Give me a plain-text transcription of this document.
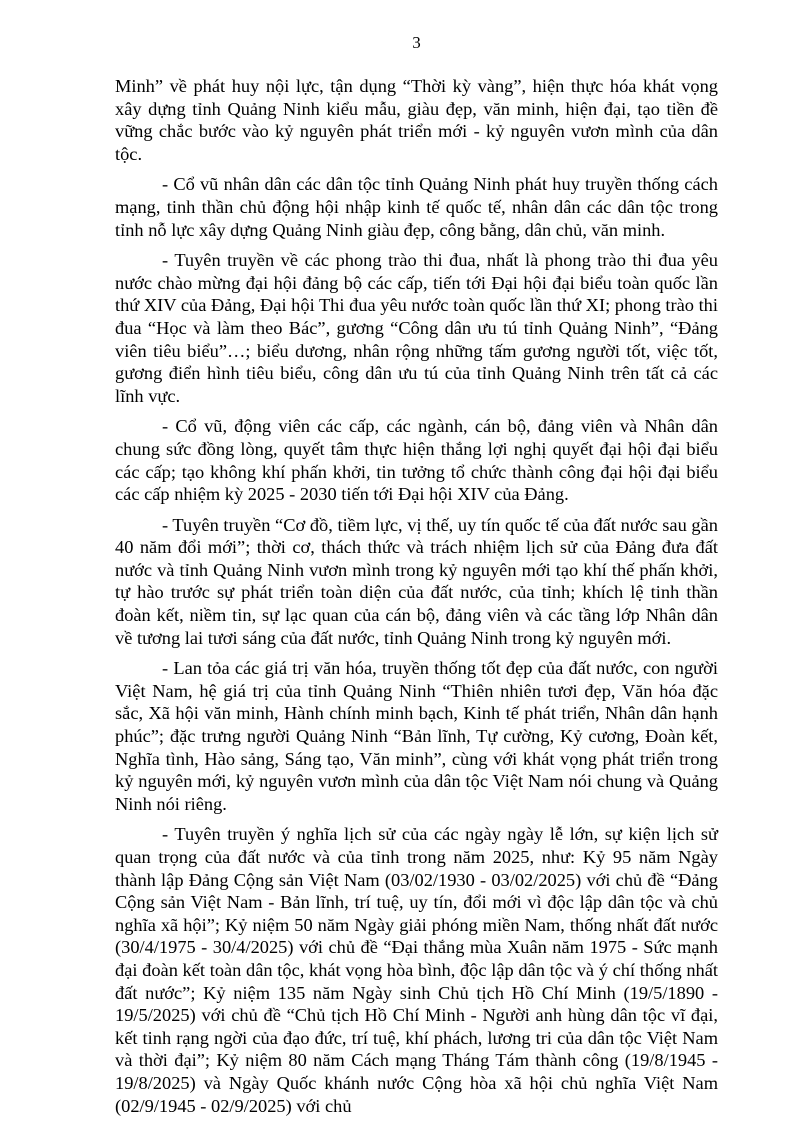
3

Minh” về phát huy nội lực, tận dụng “Thời kỳ vàng”, hiện thực hóa khát vọng xây dựng tỉnh Quảng Ninh kiểu mẫu, giàu đẹp, văn minh, hiện đại, tạo tiền đề vững chắc bước vào kỷ nguyên phát triển mới - kỷ nguyên vươn mình của dân tộc.

- Cổ vũ nhân dân các dân tộc tỉnh Quảng Ninh phát huy truyền thống cách mạng, tinh thần chủ động hội nhập kinh tế quốc tế, nhân dân các dân tộc trong tỉnh nỗ lực xây dựng Quảng Ninh giàu đẹp, công bằng, dân chủ, văn minh.

- Tuyên truyền về các phong trào thi đua, nhất là phong trào thi đua yêu nước chào mừng đại hội đảng bộ các cấp, tiến tới Đại hội đại biểu toàn quốc lần thứ XIV của Đảng, Đại hội Thi đua yêu nước toàn quốc lần thứ XI; phong trào thi đua “Học và làm theo Bác”, gương “Công dân ưu tú tỉnh Quảng Ninh”, “Đảng viên tiêu biểu”…; biểu dương, nhân rộng những tấm gương người tốt, việc tốt, gương điển hình tiêu biểu, công dân ưu tú của tỉnh Quảng Ninh trên tất cả các lĩnh vực.

- Cổ vũ, động viên các cấp, các ngành, cán bộ, đảng viên và Nhân dân chung sức đồng lòng, quyết tâm thực hiện thắng lợi nghị quyết đại hội đại biểu các cấp; tạo không khí phấn khởi, tin tưởng tổ chức thành công đại hội đại biểu các cấp nhiệm kỳ 2025 - 2030 tiến tới Đại hội XIV của Đảng.

- Tuyên truyền “Cơ đồ, tiềm lực, vị thế, uy tín quốc tế của đất nước sau gần 40 năm đổi mới”; thời cơ, thách thức và trách nhiệm lịch sử của Đảng đưa đất nước và tỉnh Quảng Ninh vươn mình trong kỷ nguyên mới tạo khí thế phấn khởi, tự hào trước sự phát triển toàn diện của đất nước, của tỉnh; khích lệ tinh thần đoàn kết, niềm tin, sự lạc quan của cán bộ, đảng viên và các tầng lớp Nhân dân về tương lai tươi sáng của đất nước, tỉnh Quảng Ninh trong kỷ nguyên mới.

- Lan tỏa các giá trị văn hóa, truyền thống tốt đẹp của đất nước, con người Việt Nam, hệ giá trị của tỉnh Quảng Ninh “Thiên nhiên tươi đẹp, Văn hóa đặc sắc, Xã hội văn minh, Hành chính minh bạch, Kinh tế phát triển, Nhân dân hạnh phúc”; đặc trưng người Quảng Ninh “Bản lĩnh, Tự cường, Kỷ cương, Đoàn kết, Nghĩa tình, Hào sảng, Sáng tạo, Văn minh”, cùng với khát vọng phát triển trong kỷ nguyên mới, kỷ nguyên vươn mình của dân tộc Việt Nam nói chung và Quảng Ninh nói riêng.

- Tuyên truyền ý nghĩa lịch sử của các ngày ngày lễ lớn, sự kiện lịch sử quan trọng của đất nước và của tỉnh trong năm 2025, như: Kỷ 95 năm Ngày thành lập Đảng Cộng sản Việt Nam (03/02/1930 - 03/02/2025) với chủ đề “Đảng Cộng sản Việt Nam - Bản lĩnh, trí tuệ, uy tín, đổi mới vì độc lập dân tộc và chủ nghĩa xã hội”; Kỷ niệm 50 năm Ngày giải phóng miền Nam, thống nhất đất nước (30/4/1975 - 30/4/2025) với chủ đề “Đại thắng mùa Xuân năm 1975 - Sức mạnh đại đoàn kết toàn dân tộc, khát vọng hòa bình, độc lập dân tộc và ý chí thống nhất đất nước”; Kỷ niệm 135 năm Ngày sinh Chủ tịch Hồ Chí Minh (19/5/1890 - 19/5/2025) với chủ đề “Chủ tịch Hồ Chí Minh - Người anh hùng dân tộc vĩ đại, kết tinh rạng ngời của đạo đức, trí tuệ, khí phách, lương tri của dân tộc Việt Nam và thời đại”; Kỷ niệm 80 năm Cách mạng Tháng Tám thành công (19/8/1945 - 19/8/2025) và Ngày Quốc khánh nước Cộng hòa xã hội chủ nghĩa Việt Nam (02/9/1945 - 02/9/2025) với chủ
